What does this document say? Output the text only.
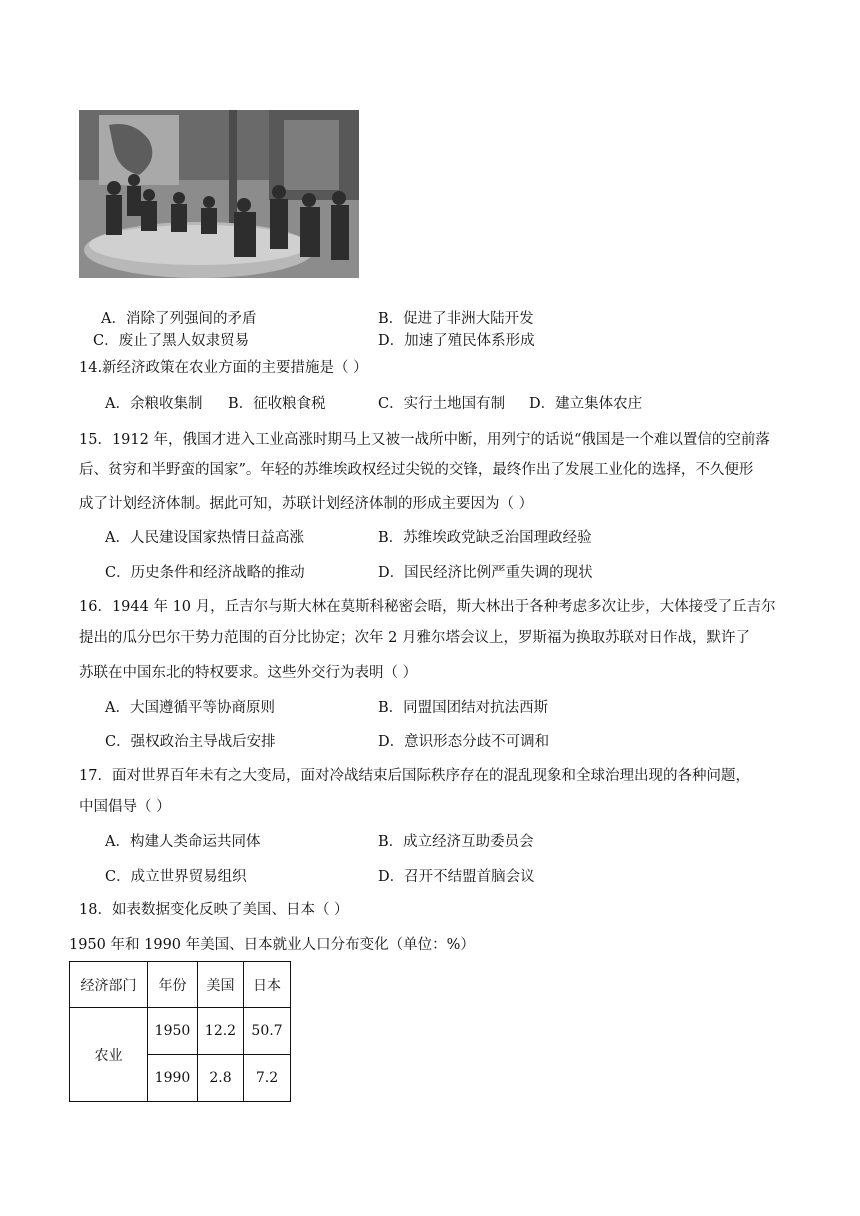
A．消除了列强间的矛盾	B．促进了非洲大陆开发
C．废止了黑人奴隶贸易	D．加速了殖民体系形成
14.新经济政策在农业方面的主要措施是（ ）
A．余粮收集制 B．征收粮食税	C．实行土地国有制 D．建立集体农庄
15．1912 年，俄国才进入工业高涨时期马上又被一战所中断，用列宁的话说“俄国是一个难以置信的空前落
后、贫穷和半野蛮的国家”。年轻的苏维埃政权经过尖锐的交锋，最终作出了发展工业化的选择，不久便形
成了计划经济体制。据此可知，苏联计划经济体制的形成主要因为（ ）
A．人民建设国家热情日益高涨	B．苏维埃政党缺乏治国理政经验
C．历史条件和经济战略的推动	D．国民经济比例严重失调的现状
16．1944 年 10 月，丘吉尔与斯大林在莫斯科秘密会晤，斯大林出于各种考虑多次让步，大体接受了丘吉尔
提出的瓜分巴尔干势力范围的百分比协定；次年 2 月雅尔塔会议上，罗斯福为换取苏联对日作战，默许了
苏联在中国东北的特权要求。这些外交行为表明（ ）
A．大国遵循平等协商原则	B．同盟国团结对抗法西斯
C．强权政治主导战后安排	D．意识形态分歧不可调和
17．面对世界百年未有之大变局，面对冷战结束后国际秩序存在的混乱现象和全球治理出现的各种问题，
中国倡导（ ）
A．构建人类命运共同体	B．成立经济互助委员会
C．成立世界贸易组织	D．召开不结盟首脑会议
18．如表数据变化反映了美国、日本（ ）
1950 年和 1990 年美国、日本就业人口分布变化（单位：%）
经济部门	年份	美国	日本
农业	1950	12.2	50.7
	1990	2.8	7.2
